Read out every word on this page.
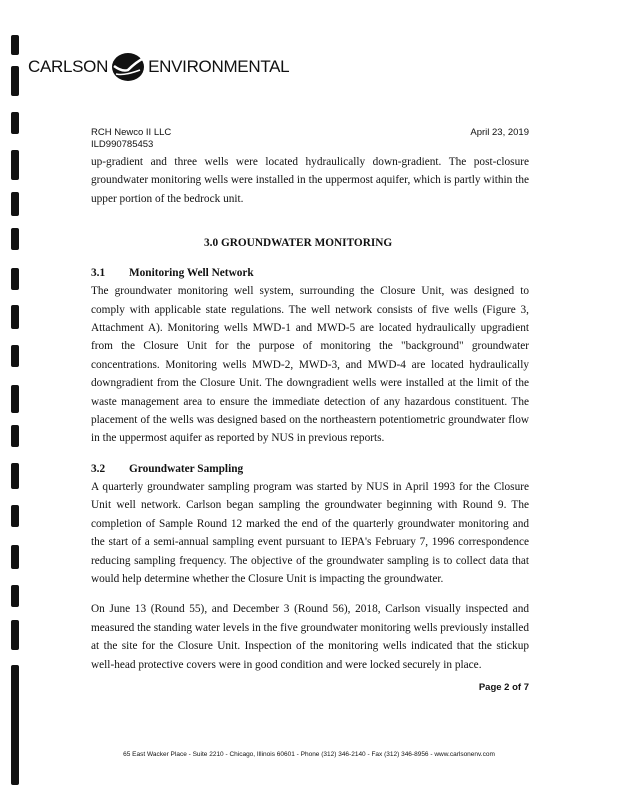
CARLSON ENVIRONMENTAL
RCH Newco II LLC
ILD990785453
April 23, 2019

up-gradient and three wells were located hydraulically down-gradient. The post-closure groundwater monitoring wells were installed in the uppermost aquifer, which is partly within the upper portion of the bedrock unit.

3.0 GROUNDWATER MONITORING
3.1 Monitoring Well Network

The groundwater monitoring well system, surrounding the Closure Unit, was designed to comply with applicable state regulations. The well network consists of five wells (Figure 3, Attachment A). Monitoring wells MWD-1 and MWD-5 are located hydraulically upgradient from the Closure Unit for the purpose of monitoring the "background" groundwater concentrations. Monitoring wells MWD-2, MWD-3, and MWD-4 are located hydraulically downgradient from the Closure Unit. The downgradient wells were installed at the limit of the waste management area to ensure the immediate detection of any hazardous constituent. The placement of the wells was designed based on the northeastern potentiometric groundwater flow in the uppermost aquifer as reported by NUS in previous reports.

3.2 Groundwater Sampling

A quarterly groundwater sampling program was started by NUS in April 1993 for the Closure Unit well network. Carlson began sampling the groundwater beginning with Round 9. The completion of Sample Round 12 marked the end of the quarterly groundwater monitoring and the start of a semi-annual sampling event pursuant to IEPA's February 7, 1996 correspondence reducing sampling frequency. The objective of the groundwater sampling is to collect data that would help determine whether the Closure Unit is impacting the groundwater.

On June 13 (Round 55), and December 3 (Round 56), 2018, Carlson visually inspected and measured the standing water levels in the five groundwater monitoring wells previously installed at the site for the Closure Unit. Inspection of the monitoring wells indicated that the stickup well-head protective covers were in good condition and were locked securely in place.

Page 2 of 7
65 East Wacker Place - Suite 2210 - Chicago, Illinois 60601 - Phone (312) 346-2140 - Fax (312) 346-8956 - www.carlsonenv.com
